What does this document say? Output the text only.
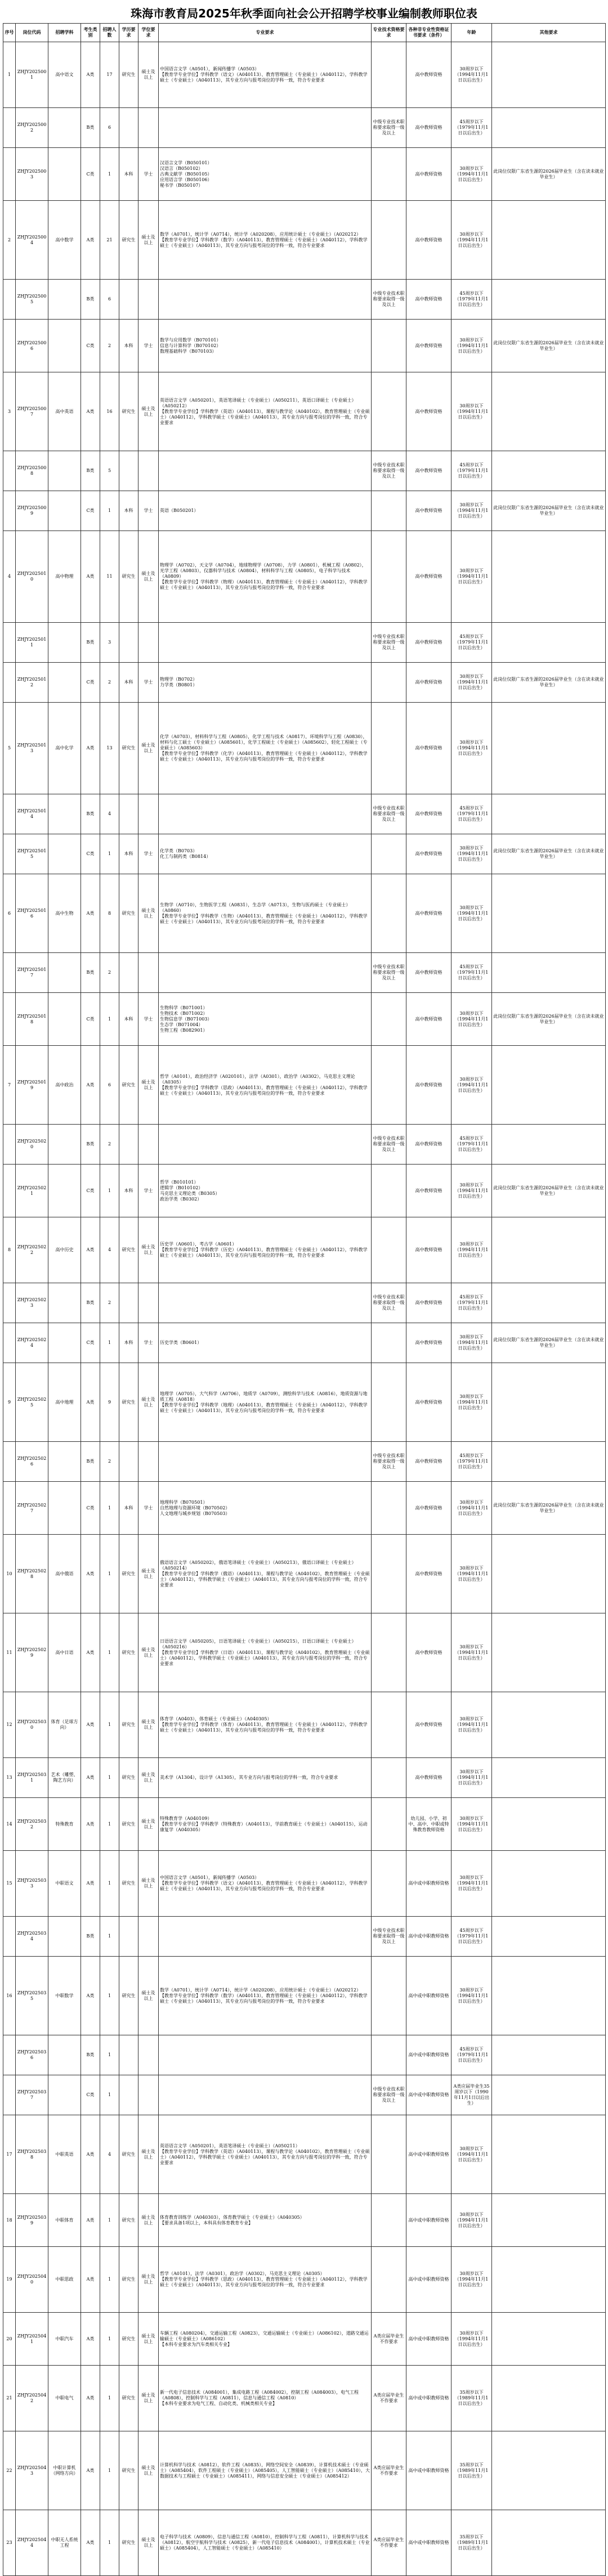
珠海市教育局2025年秋季面向社会公开招聘学校事业编制教师职位表
序号	岗位代码	招聘学科	考生类别	招聘人数	学历要求	学位要求	专业要求	专业技术资格要求	各种非专业性资格证书要求（条件）	年龄	其他要求
1	ZHJY2025001	高中语文	A类	17	研究生	硕士及以上	中国语言文学（A0501），新闻传播学（A0503）
【教育学专业学位】学科教学（语文）（A040113）、教育管理硕士（专业硕士）（A040112），学科教学硕士（专业硕士）（A040113），其专业方向与报考岗位的学科一致，符合专业要求		高中教师资格	30周岁以下（1994年11月1日以后出生）	
	ZHJY2025002		B类	6				中级专业技术职称要求取得一级及以上	高中教师资格	45周岁以下（1979年11月1日以后出生）	
	ZHJY2025003		C类	1	本科	学士	汉语言文学（B050101）
汉语言（B050102）
古典文献学（B050105）
应用语言学（B050106）
秘书学（B050107）		高中教师资格	30周岁以下（1994年11月1日以后出生）	此岗位仅限广东省生源的2026届毕业生（含在读未就业毕业生）
2	ZHJY2025004	高中数学	A类	21	研究生	硕士及以上	数学（A0701），统计学（A0714），统计学（A020208），应用统计硕士（专业硕士）（A020212）
【教育学专业学位】学科教学（数学）（A040113），教育管理硕士（专业硕士）（A040112），学科教学硕士（专业硕士）（A040113），其专业方向与报考岗位的学科一致，符合专业要求		高中教师资格	30周岁以下（1994年11月1日以后出生）	
	ZHJY2025005		B类	6				中级专业技术职称要求取得一级及以上	高中教师资格	45周岁以下（1979年11月1日以后出生）	
	ZHJY2025006		C类	2	本科	学士	数学与应用数学（B070101）
信息与计算科学（B070102）
数理基础科学（B070103）		高中教师资格	30周岁以下（1994年11月1日以后出生）	此岗位仅限广东省生源的2026届毕业生（含在读未就业毕业生）
3	ZHJY2025007	高中英语	A类	16	研究生	硕士及以上	英语语言文学（A050201），英语笔译硕士（专业硕士）（A050211），英语口译硕士（专业硕士）（A050212）
【教育学专业学位】学科教学（英语）（A040113），课程与教学论（A040102），教育管理硕士（专业硕士）（A040112），学科教学硕士（专业硕士）（A040113），其专业方向与报考岗位的学科一致，符合专业要求		高中教师资格	30周岁以下（1994年11月1日以后出生）	
	ZHJY2025008		B类	5				中级专业技术职称要求取得一级及以上	高中教师资格	45周岁以下（1979年11月1日以后出生）	
	ZHJY2025009		C类	1	本科	学士	英语（B050201）		高中教师资格	30周岁以下（1994年11月1日以后出生）	此岗位仅限广东省生源的2026届毕业生（含在读未就业毕业生）
4	ZHJY2025010	高中物理	A类	11	研究生	硕士及以上	物理学（A0702），天文学（A0704），地球物理学（A0708），力学（A0801），机械工程（A0802），光学工程（A0803），仪器科学与技术（A0804），材料科学与工程（A0805），电子科学与技术（A0809）
【教育学专业学位】学科教学（物理）（A040113），教育管理硕士（专业硕士）（A040112），学科教学硕士（专业硕士）（A040113），其专业方向与报考岗位的学科一致，符合专业要求		高中教师资格	30周岁以下（1994年11月1日以后出生）	
	ZHJY2025011		B类	3				中级专业技术职称要求取得一级及以上	高中教师资格	45周岁以下（1979年11月1日以后出生）	
	ZHJY2025012		C类	2	本科	学士	物理学（B0702）
力学类（B0801）		高中教师资格	30周岁以下（1994年11月1日以后出生）	此岗位仅限广东省生源的2026届毕业生（含在读未就业毕业生）
5	ZHJY2025013	高中化学	A类	13	研究生	硕士及以上	化学（A0703），材料科学与工程（A0805），化学工程与技术（A0817），环境科学与工程（A0830），材料与化工硕士（专业硕士）（A085601），化学工程硕士（专业硕士）（A085602），轻化工程硕士（专业硕士）（A085603）
【教育学专业学位】学科教学（化学）（A040113），教育管理硕士（专业硕士）（A040112），学科教学硕士（专业硕士）（A040113），其专业方向与报考岗位的学科一致，符合专业要求		高中教师资格	30周岁以下（1994年11月1日以后出生）	
	ZHJY2025014		B类	4				中级专业技术职称要求取得一级及以上	高中教师资格	45周岁以下（1979年11月1日以后出生）	
	ZHJY2025015		C类	1	本科	学士	化学类（B0703）
化工与制药类（B0814）		高中教师资格	30周岁以下（1994年11月1日以后出生）	此岗位仅限广东省生源的2026届毕业生（含在读未就业毕业生）
6	ZHJY2025016	高中生物	A类	8	研究生	硕士及以上	生物学（A0710），生物医学工程（A0831），生态学（A0713），生物与医药硕士（专业硕士）（A0860）
【教育学专业学位】学科教学（生物）（A040113），教育管理硕士（专业硕士）（A040112），学科教学硕士（专业硕士）（A040113），其专业方向与报考岗位的学科一致，符合专业要求		高中教师资格	30周岁以下（1994年11月1日以后出生）	
	ZHJY2025017		B类	2				中级专业技术职称要求取得一级及以上	高中教师资格	45周岁以下（1979年11月1日以后出生）	
	ZHJY2025018		C类	1	本科	学士	生物科学（B071001）
生物技术（B071002）
生物信息学（B071003）
生态学（B071004）
生物工程（B082901）		高中教师资格	30周岁以下（1994年11月1日以后出生）	此岗位仅限广东省生源的2026届毕业生（含在读未就业毕业生）
7	ZHJY2025019	高中政治	A类	6	研究生	硕士及以上	哲学（A0101），政治经济学（A020101），法学（A0301），政治学（A0302），马克思主义理论（A0305）
【教育学专业学位】学科教学（思政）（A040113），教育管理硕士（专业硕士）（A040112），学科教学硕士（专业硕士）（A040113），其专业方向与报考岗位的学科一致，符合专业要求		高中教师资格	30周岁以下（1994年11月1日以后出生）	
	ZHJY2025020		B类	2				中级专业技术职称要求取得一级及以上	高中教师资格	45周岁以下（1979年11月1日以后出生）	
	ZHJY2025021		C类	1	本科	学士	哲学（B010101）
逻辑学（B010102）
马克思主义理论类（B0305）
政治学类（B0302）		高中教师资格	30周岁以下（1994年11月1日以后出生）	此岗位仅限广东省生源的2026届毕业生（含在读未就业毕业生）
8	ZHJY2025022	高中历史	A类	4	研究生	硕士及以上	历史学（A0601），考古学（A0601）
【教育学专业学位】学科教学（历史）（A040113），教育管理硕士（专业硕士）（A040112），学科教学硕士（专业硕士）（A040113），其专业方向与报考岗位的学科一致，符合专业要求		高中教师资格	30周岁以下（1994年11月1日以后出生）	
	ZHJY2025023		B类	2				中级专业技术职称要求取得一级及以上	高中教师资格	45周岁以下（1979年11月1日以后出生）	
	ZHJY2025024		C类	1	本科	学士	历史学类（B0601）		高中教师资格	30周岁以下（1994年11月1日以后出生）	此岗位仅限广东省生源的2026届毕业生（含在读未就业毕业生）
9	ZHJY2025025	高中地理	A类	9	研究生	硕士及以上	地理学（A0705），大气科学（A0706），地质学（A0709），测绘科学与技术（A0816），地质资源与地质工程（A0818）
【教育学专业学位】学科教学（地理）（A040113），教育管理硕士（专业硕士）（A040112），学科教学硕士（专业硕士）（A040113），其专业方向与报考岗位的学科一致，符合专业要求		高中教师资格	30周岁以下（1994年11月1日以后出生）	
	ZHJY2025026		B类	2				中级专业技术职称要求取得一级及以上	高中教师资格	45周岁以下（1979年11月1日以后出生）	
	ZHJY2025027		C类	1	本科	学士	地理科学（B070501）
自然地理与资源环境（B070502）
人文地理与城乡规划（B070503）		高中教师资格	30周岁以下（1994年11月1日以后出生）	此岗位仅限广东省生源的2026届毕业生（含在读未就业毕业生）
10	ZHJY2025028	高中俄语	A类	1	研究生	硕士及以上	俄语语言文学（A050202），俄语笔译硕士（专业硕士）（A050213），俄语口译硕士（专业硕士）（A050214）
【教育学专业学位】学科教学（俄语）（A040113），课程与教学论（A040102），教育管理硕士（专业硕士）（A040112），学科教学硕士（专业硕士）（A040113），其专业方向与报考岗位的学科一致，符合专业要求		高中教师资格	30周岁以下（1994年11月1日以后出生）	
11	ZHJY2025029	高中日语	A类	1	研究生	硕士及以上	日语语言文学（A050205），日语笔译硕士（专业硕士）（A050215），日语口译硕士（专业硕士）（A050216）
【教育学专业学位】学科教学（日语）（A040113），课程与教学论（A040102），教育管理硕士（专业硕士）（A040112），学科教学硕士（专业硕士）（A040113），其专业方向与报考岗位的学科一致，符合专业要求		高中教师资格	30周岁以下（1994年11月1日以后出生）	
12	ZHJY2025030	体育（足球方向）	A类	1	研究生	硕士及以上	体育学（A0403），体育硕士（专业硕士）（A040305）
【教育学专业学位】学科教学（体育）（A040113），教育管理硕士（专业硕士）（A040112），学科教学硕士（专业硕士）（A040113），其专业方向与报考岗位的学科一致，符合专业要求		高中教师资格	30周岁以下（1994年11月1日以后出生）	
13	ZHJY2025031	艺术（雕塑、陶艺方向）	A类	1	研究生	硕士及以上	美术学（A1304），设计学（A1305），其专业方向与报考岗位的学科一致，符合专业要求		高中教师资格	30周岁以下（1994年11月1日以后出生）	
14	ZHJY2025032	特殊教育	A类	1	研究生	硕士及以上	特殊教育学（A040109）
【教育学专业学位】学科教学（特殊教育）（A040113），学前教育硕士（专业硕士）（A040115），运动康复学（A040305）		幼儿园、小学、初中、高中、中职或特殊教育教师资格	30周岁以下（1994年11月1日以后出生）	
15	ZHJY2025033	中职语文	A类	1	研究生	硕士及以上	中国语言文学（A0501），新闻传播学（A0503）
【教育学专业学位】学科教学（语文）（A040113），教育管理硕士（专业硕士）（A040112），学科教学硕士（专业硕士）（A040113），其专业方向与报考岗位的学科一致，符合专业要求		高中或中职教师资格	30周岁以下（1994年11月1日以后出生）	
	ZHJY2025034		B类	1				中级专业技术职称要求取得一级及以上	高中或中职教师资格	45周岁以下（1979年11月1日以后出生）	
16	ZHJY2025035	中职数学	A类	1	研究生	硕士及以上	数学（A0701），统计学（A0714），统计学（A020208），应用统计硕士（专业硕士）（A020212）
【教育学专业学位】学科教学（数学）（A040113），教育管理硕士（专业硕士）（A040112），学科教学硕士（专业硕士）（A040113），其专业方向与报考岗位的学科一致，符合专业要求		高中或中职教师资格	30周岁以下（1994年11月1日以后出生）	
	ZHJY2025036		B类	1					高中或中职教师资格	45周岁以下（1979年11月1日以后出生）	
	ZHJY2025037		C类	1				中级专业技术职称要求取得一级及以上	高中或中职教师资格	A类应届毕业生35周岁以下（1990年11月1日以后出生）	
17	ZHJY2025038	中职英语	A类	4	研究生	硕士及以上	英语语言文学（A050201），英语笔译硕士（专业硕士）（A050211）
【教育学专业学位】学科教学（英语）（A040113），课程与教学论（A040102），教育管理硕士（专业硕士）（A040112），学科教学硕士（专业硕士）（A040113），其专业方向与报考岗位的学科一致，符合专业要求		高中或中职教师资格	30周岁以下（1994年11月1日以后出生）	
18	ZHJY2025039	中职体育	A类	1	研究生	硕士及以上	体育教育训练学（A040303），体育教学硕士（专业硕士）（A040305）
【要求具备1项以上，本科具有体育教育专业】		高中或中职教师资格	30周岁以下（1994年11月1日以后出生）	
19	ZHJY2025040	中职思政	A类	1	研究生	硕士及以上	哲学（A0101），法学（A0301），政治学（A0302），马克思主义理论（A0305）
【教育学专业学位】学科教学（思政）（A040113），教育管理硕士（专业硕士）（A040112），学科教学硕士（专业硕士）（A040113），其专业方向与报考岗位的学科一致，符合专业要求		高中或中职教师资格	30周岁以下（1994年11月1日以后出生）	
20	ZHJY2025041	中职汽车	A类	1	研究生	硕士及以上	车辆工程（A080204），交通运输工程（A0823），交通运输硕士（专业硕士）（A086102），道路交通运输硕士（专业硕士）（A086102）
【本科专业要求为汽车类相关专业】	A类应届毕业生不作要求	高中或中职教师资格	30周岁以下（1994年11月1日以后出生）	
21	ZHJY2025042	中职电气	A类	1	研究生	硕士及以上	新一代电子信息技术（A084001），集成电路工程（A084002），控制工程（A084003），电气工程（A0808），控制科学与工程（A0811），信息与通信工程（A0810）
【本科专业要求为电气工程、自动化类、机械类相关专业】	A类应届毕业生不作要求	高中或中职教师资格	35周岁以下（1989年11月1日以后出生）	
22	ZHJY2025043	中职计算机（网络方向）	A类	1	研究生	硕士及以上	计算机科学与技术（A0812），软件工程（A0835），网络空间安全（A0839），计算机技术硕士（专业硕士）（A085404），软件工程硕士（专业硕士）（A085405），人工智能硕士（专业硕士）（A085410），大数据技术与工程硕士（专业硕士）（A085411），网络与信息安全硕士（专业硕士）（A085412）	A类应届毕业生不作要求	高中或中职教师资格	35周岁以下（1989年11月1日以后出生）	
23	ZHJY2025044	中职无人系统工程	A类	1	研究生	硕士及以上	电子科学与技术（A0809），信息与通信工程（A0810），控制科学与工程（A0811），计算机科学与技术（A0812），航空宇航科学与技术（A0825），新一代电子信息技术（A084001），计算机技术硕士（专业硕士）（A085404），人工智能硕士（专业硕士）（A085410）	A类应届毕业生不作要求	高中或中职教师资格	35周岁以下（1989年11月1日以后出生）	
